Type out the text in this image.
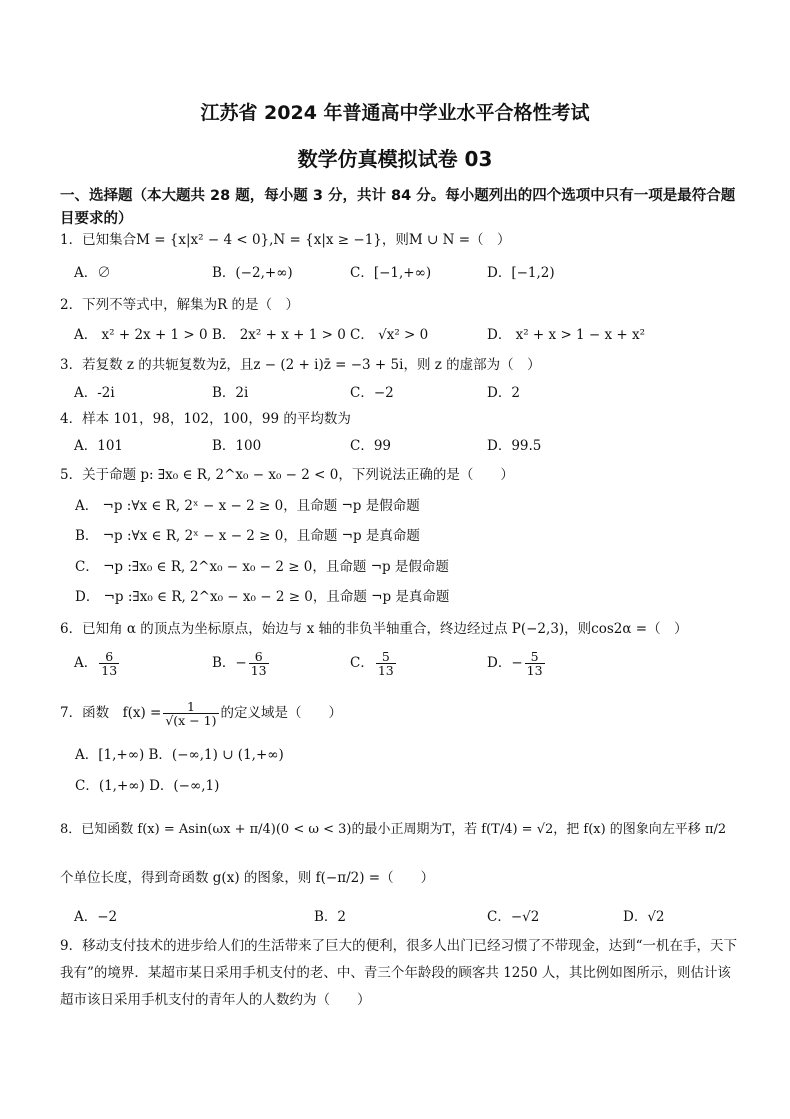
江苏省 2024 年普通高中学业水平合格性考试
数学仿真模拟试卷 03
一、选择题（本大题共 28 题，每小题 3 分，共计 84 分。每小题列出的四个选项中只有一项是最符合题目要求的）
1．已知集合M = {x|x² − 4 < 0},N = {x|x ≥ −1}，则M ∪ N =（　）
A．∅	B．(−2,+∞)	C．[−1,+∞)	D．[−1,2)
2．下列不等式中，解集为R 的是（　）
A． x² + 2x + 1 > 0 B． 2x² + x + 1 > 0 C． √x² > 0	D． x² + x > 1 − x + x²
3．若复数 z 的共轭复数为z̄，且z − (2 + i)z̄ = −3 + 5i，则 z 的虚部为（　）
A．-2i	B．2i	C．−2	D．2
4．样本 101，98，102，100，99 的平均数为
A．101	B．100	C．99	D．99.5
5．关于命题 p: ∃x₀ ∈ R, 2^x₀ − x₀ − 2 < 0，下列说法正确的是（　　）
A． ¬p :∀x ∈ R, 2ˣ − x − 2 ≥ 0，且命题 ¬p 是假命题
B． ¬p :∀x ∈ R, 2ˣ − x − 2 ≥ 0，且命题 ¬p 是真命题
C． ¬p :∃x₀ ∈ R, 2^x₀ − x₀ − 2 ≥ 0，且命题 ¬p 是假命题
D． ¬p :∃x₀ ∈ R, 2^x₀ − x₀ − 2 ≥ 0，且命题 ¬p 是真命题
6．已知角 α 的顶点为坐标原点，始边与 x 轴的非负半轴重合，终边经过点 P(−2,3)，则cos2α =（　）
A． $\frac{6}{13}$	B．− $\frac{6}{13}$	C． $\frac{5}{13}$	D．− $\frac{5}{13}$
7．函数　$f(x) = \frac{1}{√(x - 1)}$ 的定义域是（　　）
A．[1,+∞) B．(−∞,1) ∪ (1,+∞)
C．(1,+∞) D．(−∞,1)
8．已知函数 f(x) = Asin(ωx + π/4)(0 < ω < 3)的最小正周期为T，若 f(T/4) = √2，把 f(x) 的图象向左平移 π/2
个单位长度，得到奇函数 g(x) 的图象，则 f(−π/2) =（　　）
A．−2	B．2	C．−√2	D．√2
9．移动支付技术的进步给人们的生活带来了巨大的便利，很多人出门已经习惯了不带现金，达到“一机在手，天下我有”的境界．某超市某日采用手机支付的老、中、青三个年龄段的顾客共 1250 人，其比例如图所示，则估计该超市该日采用手机支付的青年人的人数约为（　　）
